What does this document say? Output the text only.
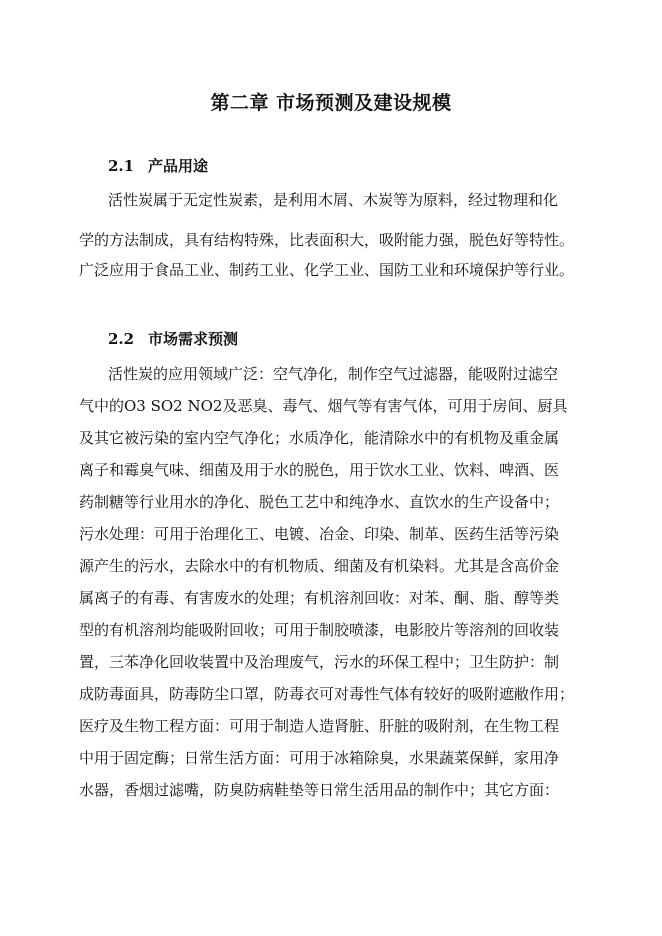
第二章 市场预测及建设规模
2.1 产品用途

活性炭属于无定性炭素，是利用木屑、木炭等为原料，经过物理和化

学的方法制成，具有结构特殊，比表面积大，吸附能力强，脱色好等特性。

广泛应用于食品工业、制药工业、化学工业、国防工业和环境保护等行业。

2.2 市场需求预测

活性炭的应用领域广泛：空气净化，制作空气过滤器，能吸附过滤空

气中的O3 SO2 NO2及恶臭、毒气、烟气等有害气体，可用于房间、厨具

及其它被污染的室内空气净化；水质净化，能清除水中的有机物及重金属

离子和霉臭气味、细菌及用于水的脱色，用于饮水工业、饮料、啤酒、医

药制糖等行业用水的净化、脱色工艺中和纯净水、直饮水的生产设备中；

污水处理：可用于治理化工、电镀、冶金、印染、制革、医药生活等污染

源产生的污水，去除水中的有机物质、细菌及有机染料。尤其是含高价金

属离子的有毒、有害废水的处理；有机溶剂回收：对苯、酮、脂、醇等类

型的有机溶剂均能吸附回收；可用于制胶喷漆，电影胶片等溶剂的回收装

置，三苯净化回收装置中及治理废气，污水的环保工程中；卫生防护：制

成防毒面具，防毒防尘口罩，防毒衣可对毒性气体有较好的吸附遮敝作用；

医疗及生物工程方面：可用于制造人造肾脏、肝脏的吸附剂，在生物工程

中用于固定酶；日常生活方面：可用于冰箱除臭，水果蔬菜保鲜，家用净

水器，香烟过滤嘴，防臭防病鞋垫等日常生活用品的制作中；其它方面：
